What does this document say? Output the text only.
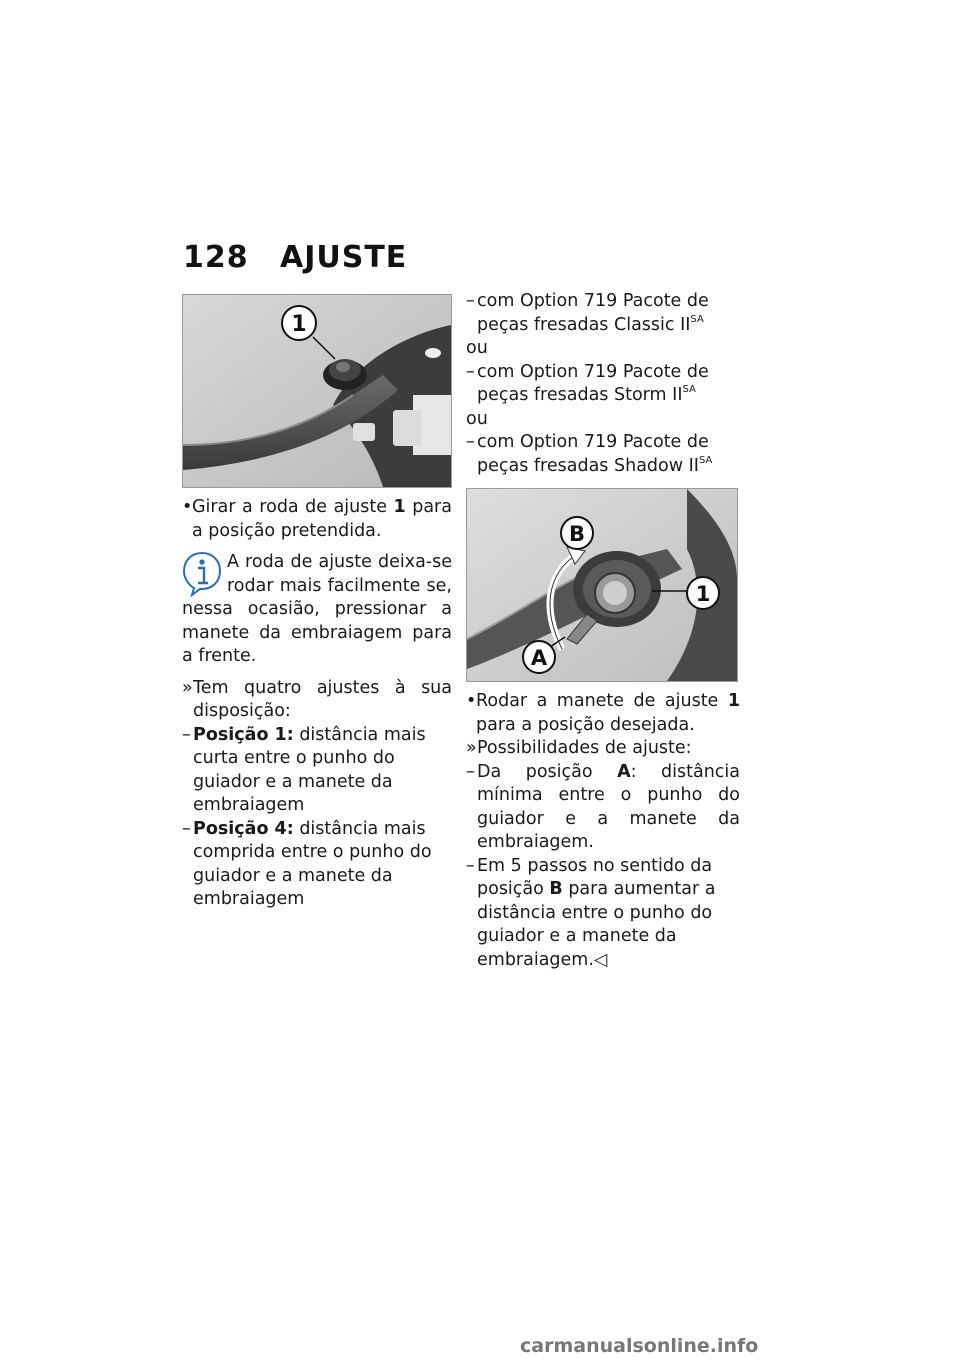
128 AJUSTE
1
• Girar a roda de ajuste 1 para a posição pretendida.
A roda de ajuste deixa-se rodar mais facilmente se, nessa ocasião, pressionar a manete da embraiagem para a frente.
» Tem quatro ajustes à sua disposição:
– Posição 1: distância mais curta entre o punho do guiador e a manete da embraiagem
– Posição 4: distância mais comprida entre o punho do guiador e a manete da embraiagem
– com Option 719 Pacote de peças fresadas Classic $II^{SA}$

ou

– com Option 719 Pacote de peças fresadas Storm $II^{SA}$

ou

– com Option 719 Pacote de peças fresadas Shadow $II^{SA}$
B
1
A
• Rodar a manete de ajuste 1 para a posição desejada.
» Possibilidades de ajuste:
– Da posição A: distância mínima entre o punho do guiador e a manete da embraiagem.
– Em 5 passos no sentido da posição B para aumentar a distância entre o punho do guiador e a manete da embraiagem.◁
carmanualsonline.info
